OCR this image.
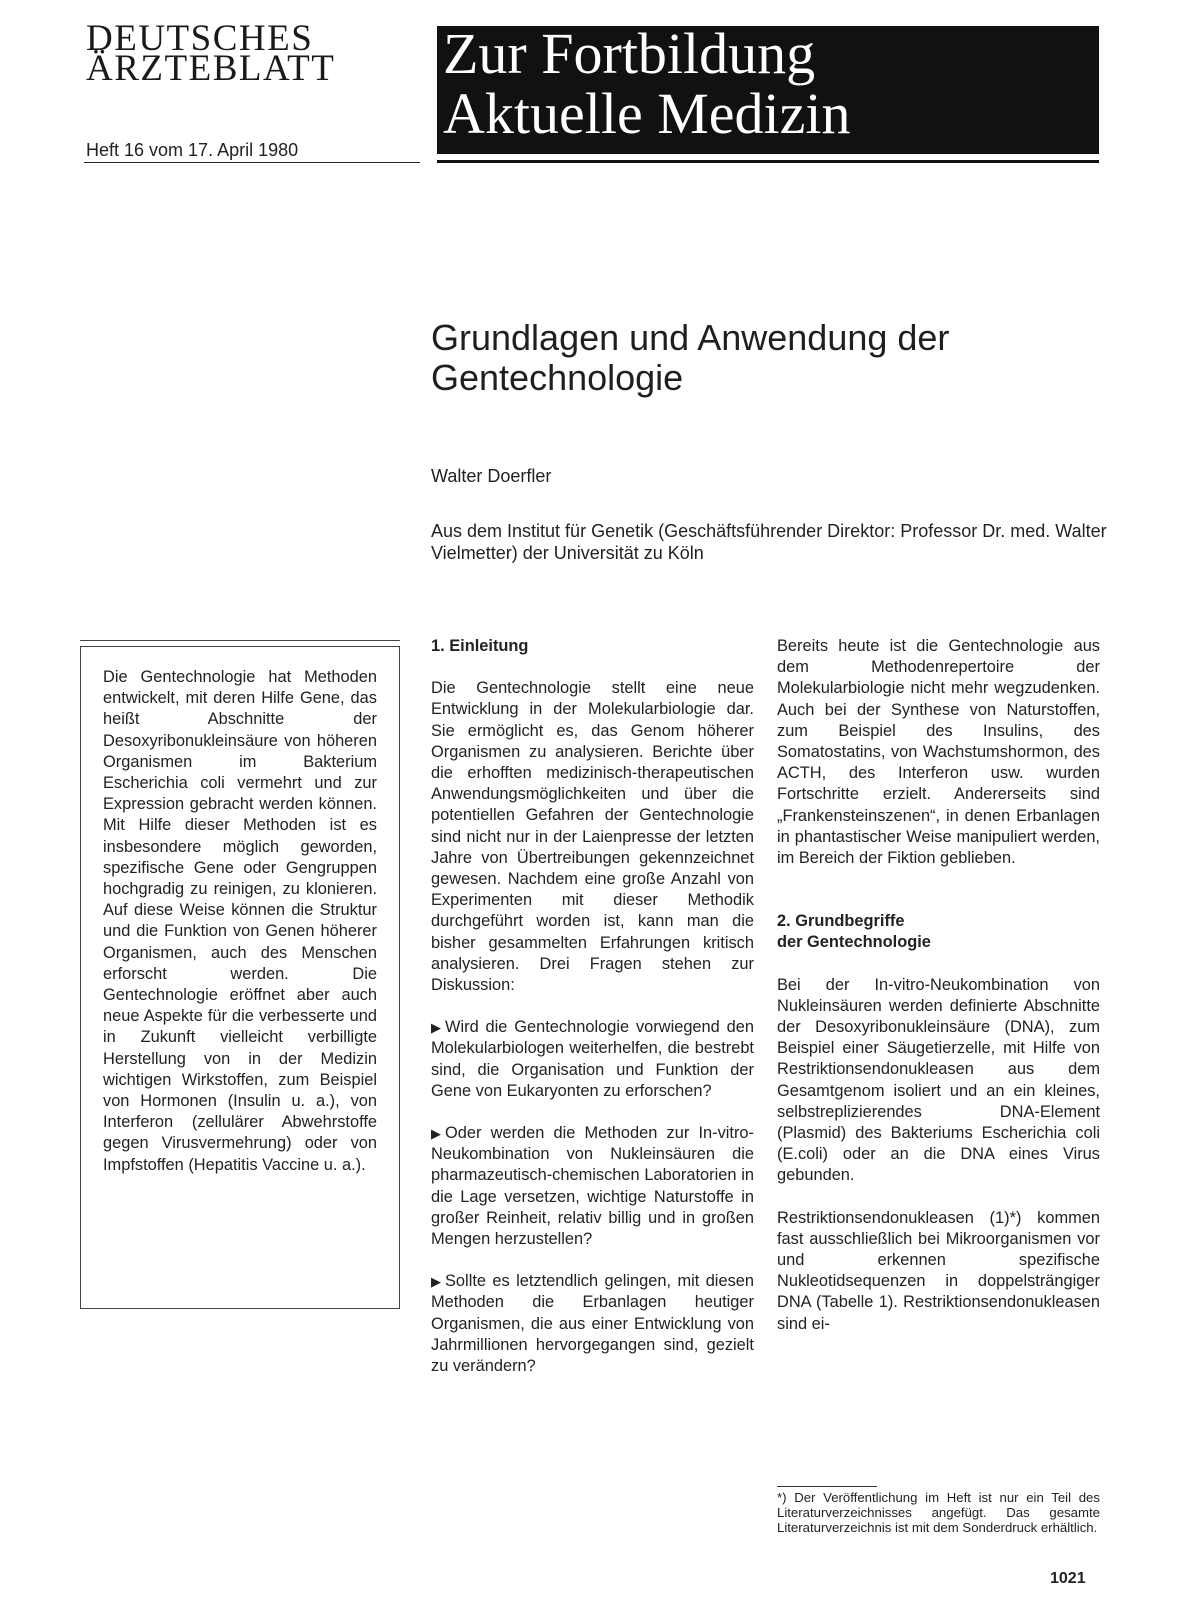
DEUTSCHES
ÄRZTEBLATT
Heft 16 vom 17. April 1980
Zur Fortbildung
Aktuelle Medizin
Grundlagen und Anwendung der Gentechnologie
Walter Doerfler
Aus dem Institut für Genetik (Geschäftsführender Direktor: Professor Dr. med. Walter Vielmetter) der Universität zu Köln

Die Gentechnologie hat Methoden entwickelt, mit deren Hilfe Gene, das heißt Abschnitte der Desoxyribonukleinsäure von höheren Organismen im Bakterium Escherichia coli vermehrt und zur Expression gebracht werden können. Mit Hilfe dieser Methoden ist es insbesondere möglich geworden, spezifische Gene oder Gengruppen hochgradig zu reinigen, zu klonieren. Auf diese Weise können die Struktur und die Funktion von Genen höherer Organismen, auch des Menschen erforscht werden. Die Gentechnologie eröffnet aber auch neue Aspekte für die verbesserte und in Zukunft vielleicht verbilligte Herstellung von in der Medizin wichtigen Wirkstoffen, zum Beispiel von Hormonen (Insulin u. a.), von Interferon (zellulärer Abwehrstoffe gegen Virusvermehrung) oder von Impfstoffen (Hepatitis Vaccine u. a.).

1. Einleitung

Die Gentechnologie stellt eine neue Entwicklung in der Molekularbiologie dar. Sie ermöglicht es, das Genom höherer Organismen zu analysieren. Berichte über die erhofften medizinisch-therapeutischen Anwendungsmöglichkeiten und über die potentiellen Gefahren der Gentechnologie sind nicht nur in der Laienpresse der letzten Jahre von Übertreibungen gekennzeichnet gewesen. Nachdem eine große Anzahl von Experimenten mit dieser Methodik durchgeführt worden ist, kann man die bisher gesammelten Erfahrungen kritisch analysieren. Drei Fragen stehen zur Diskussion:

▶ Wird die Gentechnologie vorwiegend den Molekularbiologen weiterhelfen, die bestrebt sind, die Organisation und Funktion der Gene von Eukaryonten zu erforschen?

▶ Oder werden die Methoden zur In-vitro-Neukombination von Nukleinsäuren die pharmazeutisch-chemischen Laboratorien in die Lage versetzen, wichtige Naturstoffe in großer Reinheit, relativ billig und in großen Mengen herzustellen?

▶ Sollte es letztendlich gelingen, mit diesen Methoden die Erbanlagen heutiger Organismen, die aus einer Entwicklung von Jahrmillionen hervorgegangen sind, gezielt zu verändern?

Bereits heute ist die Gentechnologie aus dem Methodenrepertoire der Molekularbiologie nicht mehr wegzudenken. Auch bei der Synthese von Naturstoffen, zum Beispiel des Insulins, des Somatostatins, von Wachstumshormon, des ACTH, des Interferon usw. wurden Fortschritte erzielt. Andererseits sind „Frankensteinszenen“, in denen Erbanlagen in phantastischer Weise manipuliert werden, im Bereich der Fiktion geblieben.

2. Grundbegriffe
der Gentechnologie

Bei der In-vitro-Neukombination von Nukleinsäuren werden definierte Abschnitte der Desoxyribonukleinsäure (DNA), zum Beispiel einer Säugetierzelle, mit Hilfe von Restriktionsendonukleasen aus dem Gesamtgenom isoliert und an ein kleines, selbstreplizierendes DNA-Element (Plasmid) des Bakteriums Escherichia coli (E.coli) oder an die DNA eines Virus gebunden.

Restriktionsendonukleasen (1)*) kommen fast ausschließlich bei Mikroorganismen vor und erkennen spezifische Nukleotidsequenzen in doppelsträngiger DNA (Tabelle 1). Restriktionsendonukleasen sind ei-

*) Der Veröffentlichung im Heft ist nur ein Teil des Literaturverzeichnisses angefügt. Das gesamte Literaturverzeichnis ist mit dem Sonderdruck erhältlich.
1021
